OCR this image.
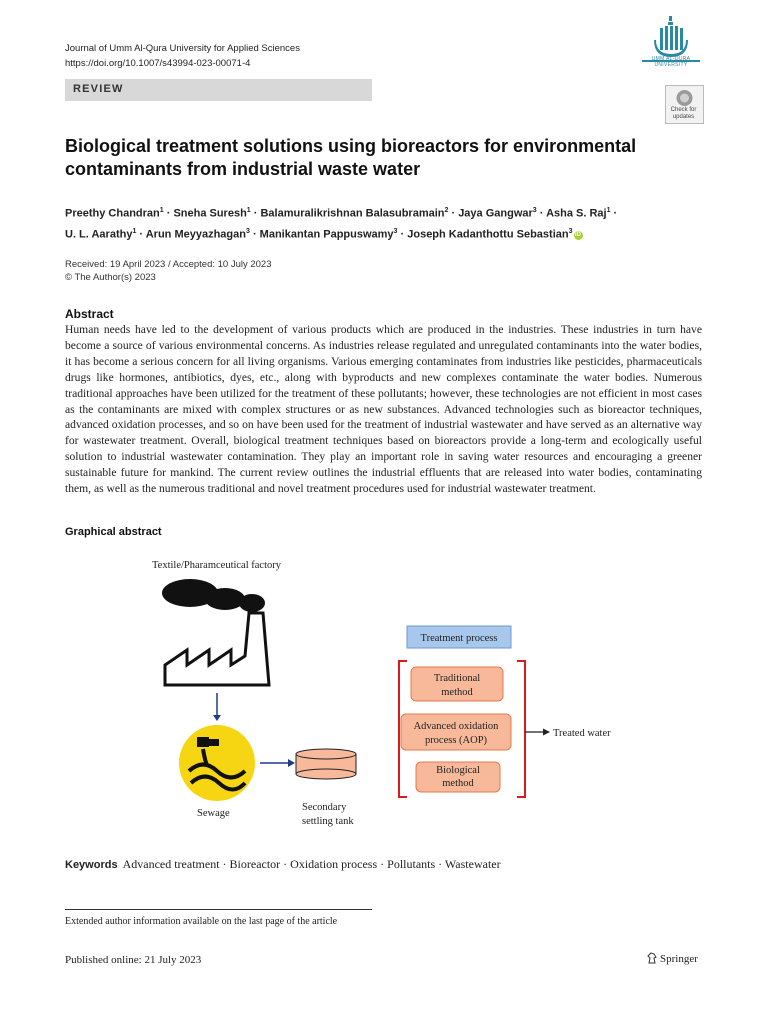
Journal of Umm Al-Qura University for Applied Sciences
https://doi.org/10.1007/s43994-023-00071-4	UMM AL-QURA UNIVERSITY
REVIEW
Check for updates
Biological treatment solutions using bioreactors for environmental contaminants from industrial waste water
Preethy Chandran$^1$ · Sneha Suresh$^1$ · Balamuralikrishnan Balasubramain$^2$ · Jaya Gangwar$^3$ · Asha S. Raj$^1$ ·
U. L. Aarathy$^1$ · Arun Meyyazhagan$^3$ · Manikantan Pappuswamy$^3$ · Joseph Kadanthottu Sebastian$^3$iD
Received: 19 April 2023 / Accepted: 10 July 2023
© The Author(s) 2023
Abstract
Human needs have led to the development of various products which are produced in the industries. These industries in turn have become a source of various environmental concerns. As industries release regulated and unregulated contaminants into the water bodies, it has become a serious concern for all living organisms. Various emerging contaminates from industries like pesticides, pharmaceuticals drugs like hormones, antibiotics, dyes, etc., along with byproducts and new complexes contaminate the water bodies. Numerous traditional approaches have been utilized for the treatment of these pollutants; however, these technologies are not efficient in most cases as the contaminants are mixed with complex structures or as new substances. Advanced technologies such as bioreactor techniques, advanced oxidation processes, and so on have been used for the treatment of industrial wastewater and have served as an alternative way for wastewater treatment. Overall, biological treatment techniques based on bioreactors provide a long-term and ecologically useful solution to industrial wastewater contamination. They play an important role in saving water resources and encouraging a greener sustainable future for mankind. The current review outlines the industrial effluents that are released into water bodies, contaminating them, as well as the numerous traditional and novel treatment procedures used for industrial wastewater treatment.
Graphical abstract
Textile/Pharamceutical factory
Sewage
Secondary
settling tank
Treatment process
Treated water
Traditional
method
Advanced oxidation
process (AOP)
Biological
method
Keywords Advanced treatment · Bioreactor · Oxidation process · Pollutants · Wastewater
Extended author information available on the last page of the article
Published online: 21 July 2023	Springer
